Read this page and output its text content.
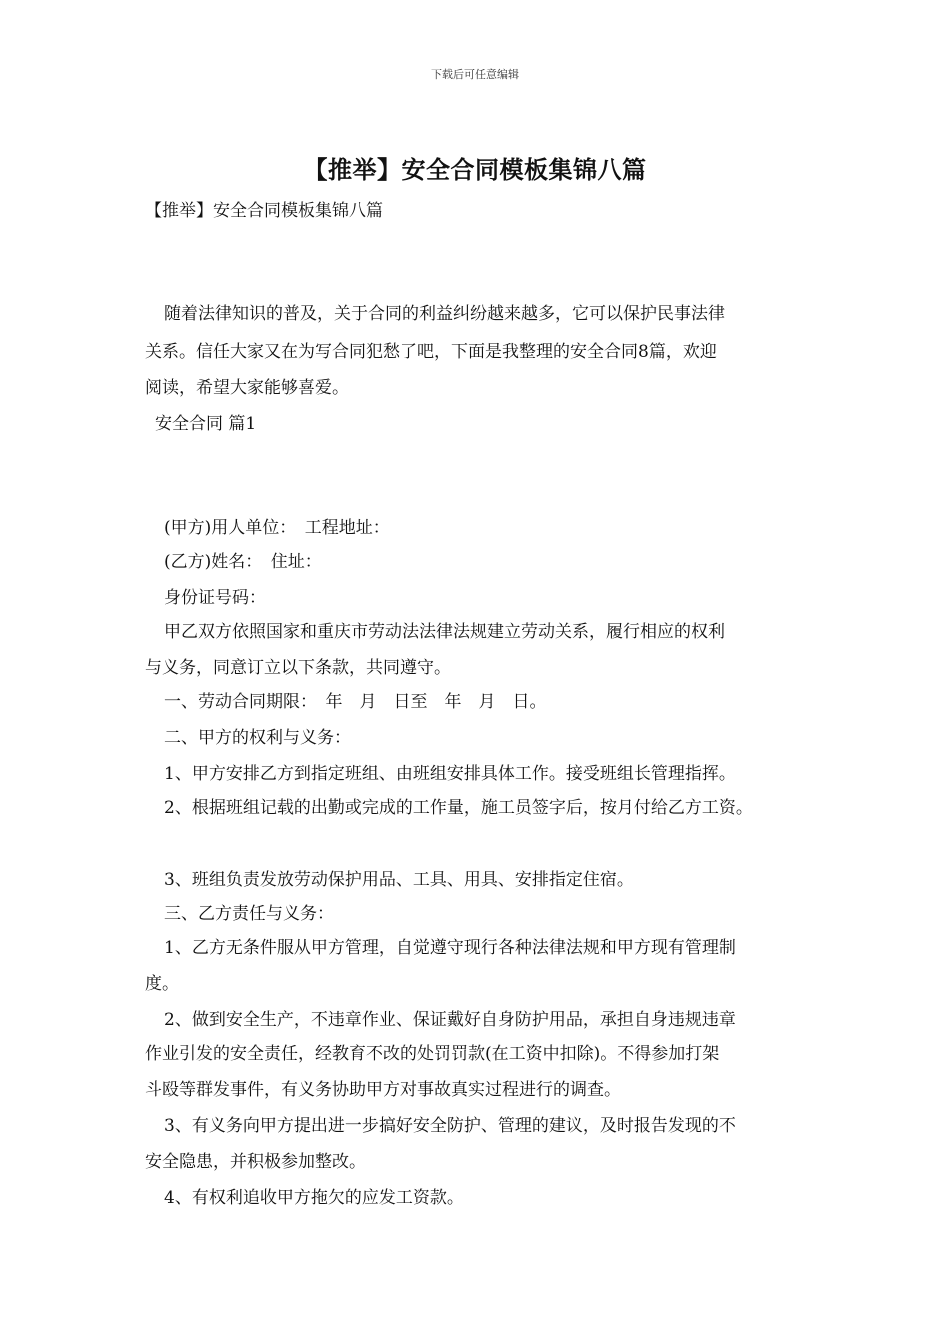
下载后可任意编辑
【推举】安全合同模板集锦八篇
【推举】安全合同模板集锦八篇
随着法律知识的普及，关于合同的利益纠纷越来越多，它可以保护民事法律
关系。信任大家又在为写合同犯愁了吧，下面是我整理的安全合同8篇，欢迎
阅读，希望大家能够喜爱。
安全合同 篇1
(甲方)用人单位：　工程地址：
(乙方)姓名：　住址：
身份证号码：
甲乙双方依照国家和重庆市劳动法法律法规建立劳动关系，履行相应的权利
与义务，同意订立以下条款，共同遵守。
一、劳动合同期限：　年　月　日至　年　月　日。
二、甲方的权利与义务：
1、甲方安排乙方到指定班组、由班组安排具体工作。接受班组长管理指挥。
2、根据班组记载的出勤或完成的工作量，施工员签字后，按月付给乙方工资。
3、班组负责发放劳动保护用品、工具、用具、安排指定住宿。
三、乙方责任与义务：
1、乙方无条件服从甲方管理，自觉遵守现行各种法律法规和甲方现有管理制
度。
2、做到安全生产，不违章作业、保证戴好自身防护用品，承担自身违规违章
作业引发的安全责任，经教育不改的处罚罚款(在工资中扣除)。不得参加打架
斗殴等群发事件，有义务协助甲方对事故真实过程进行的调查。
3、有义务向甲方提出进一步搞好安全防护、管理的建议，及时报告发现的不
安全隐患，并积极参加整改。
4、有权利追收甲方拖欠的应发工资款。
